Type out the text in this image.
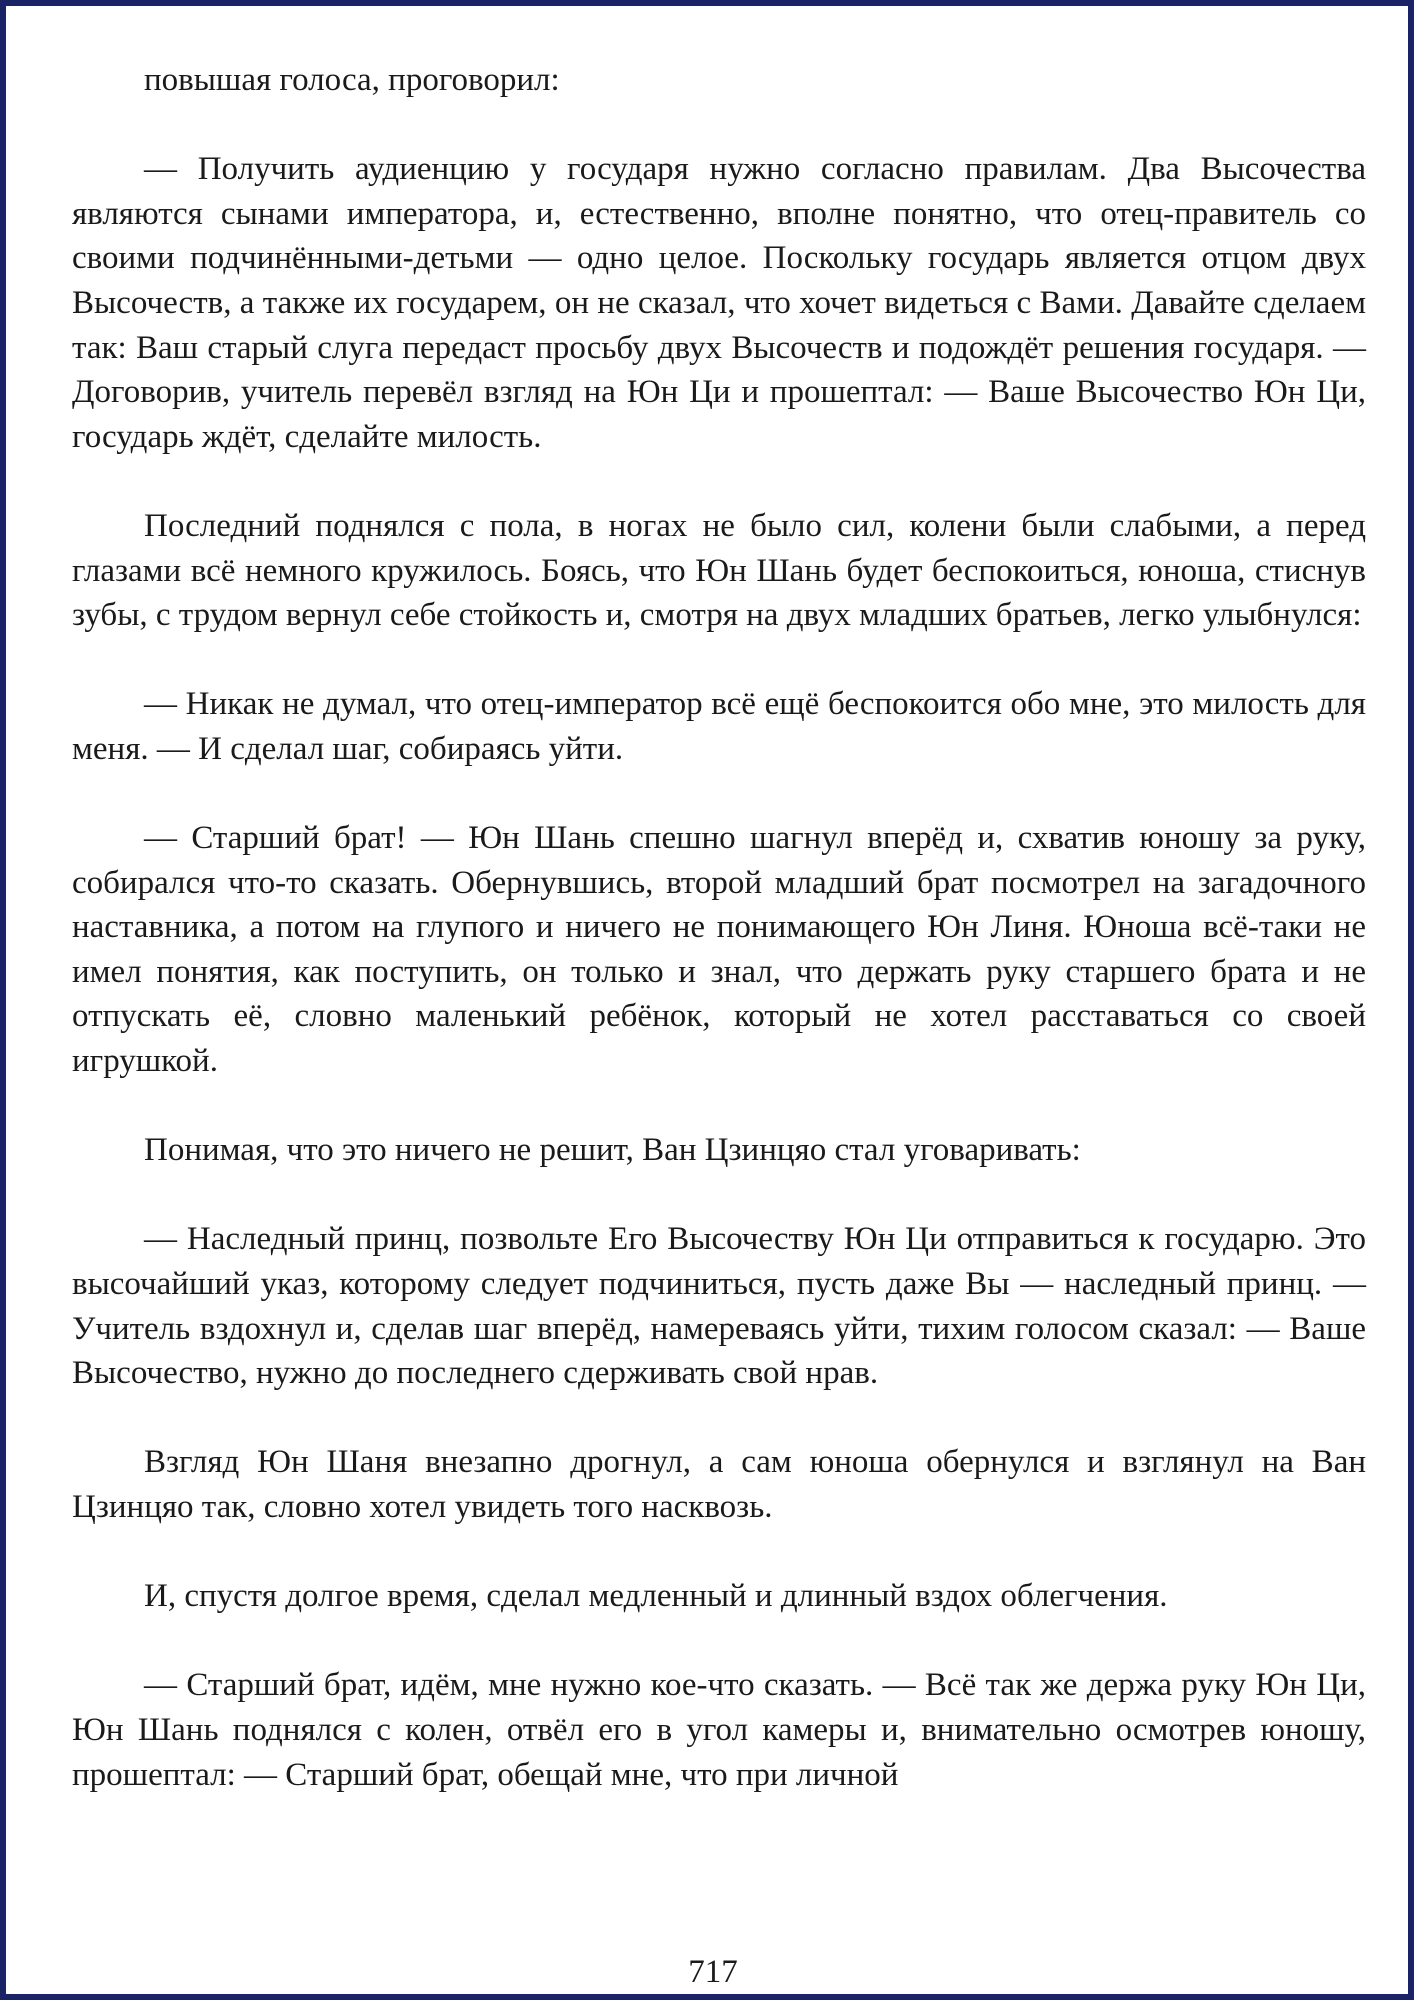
повышая голоса, проговорил:

— Получить аудиенцию у государя нужно согласно правилам. Два Высочества являются сынами императора, и, естественно, вполне понятно, что отец-правитель со своими подчинёнными-детьми — одно целое. Поскольку государь является отцом двух Высочеств, а также их государем, он не сказал, что хочет видеться с Вами. Давайте сделаем так: Ваш старый слуга передаст просьбу двух Высочеств и подождёт решения государя. — Договорив, учитель перевёл взгляд на Юн Ци и прошептал: — Ваше Высочество Юн Ци, государь ждёт, сделайте милость.

Последний поднялся с пола, в ногах не было сил, колени были слабыми, а перед глазами всё немного кружилось. Боясь, что Юн Шань будет беспокоиться, юноша, стиснув зубы, с трудом вернул себе стойкость и, смотря на двух младших братьев, легко улыбнулся:

— Никак не думал, что отец-император всё ещё беспокоится обо мне, это милость для меня. — И сделал шаг, собираясь уйти.

— Старший брат! — Юн Шань спешно шагнул вперёд и, схватив юношу за руку, собирался что-то сказать. Обернувшись, второй младший брат посмотрел на загадочного наставника, а потом на глупого и ничего не понимающего Юн Линя. Юноша всё-таки не имел понятия, как поступить, он только и знал, что держать руку старшего брата и не отпускать её, словно маленький ребёнок, который не хотел расставаться со своей игрушкой.

Понимая, что это ничего не решит, Ван Цзинцяо стал уговаривать:

— Наследный принц, позвольте Его Высочеству Юн Ци отправиться к государю. Это высочайший указ, которому следует подчиниться, пусть даже Вы — наследный принц. — Учитель вздохнул и, сделав шаг вперёд, намереваясь уйти, тихим голосом сказал: — Ваше Высочество, нужно до последнего сдерживать свой нрав.

Взгляд Юн Шаня внезапно дрогнул, а сам юноша обернулся и взглянул на Ван Цзинцяо так, словно хотел увидеть того насквозь.

И, спустя долгое время, сделал медленный и длинный вздох облегчения.

— Старший брат, идём, мне нужно кое-что сказать. — Всё так же держа руку Юн Ци, Юн Шань поднялся с колен, отвёл его в угол камеры и, внимательно осмотрев юношу, прошептал: — Старший брат, обещай мне, что при личной

717
